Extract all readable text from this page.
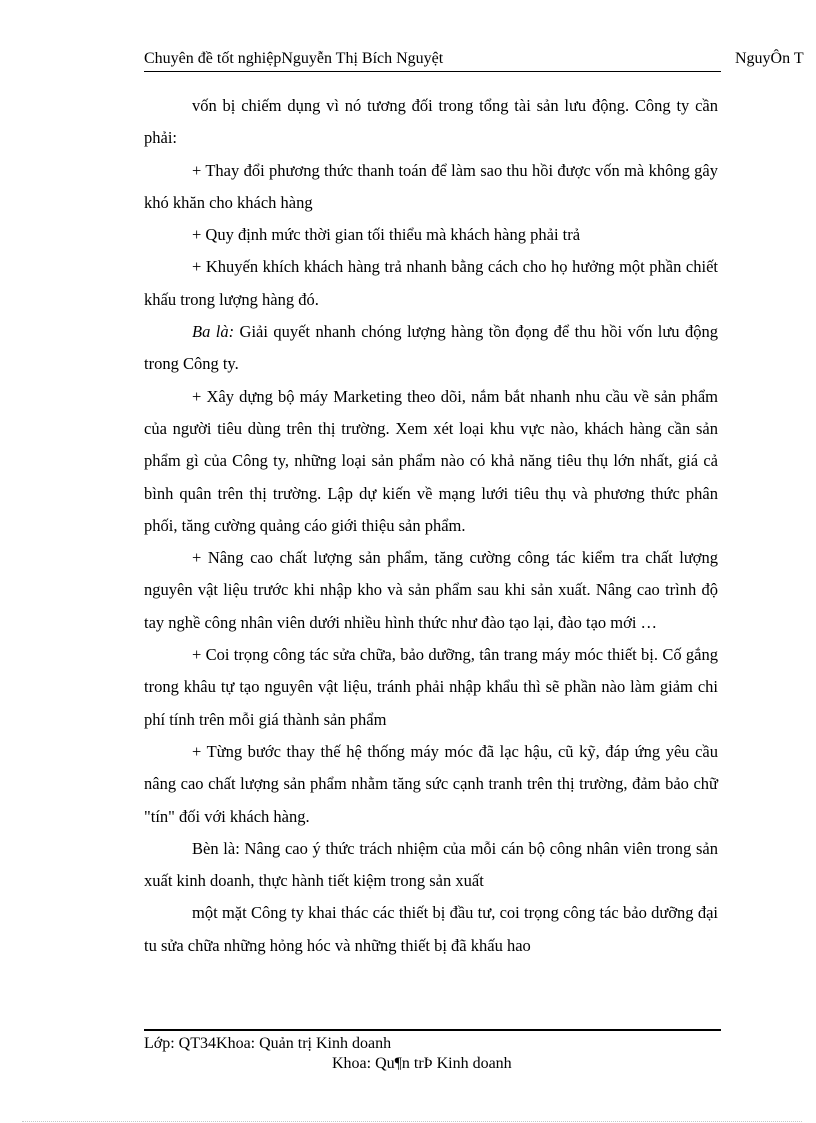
Chuyên đề tốt nghiệpNguyễn Thị Bích Nguyệt	NguyÔn T

vốn bị chiếm dụng vì nó tương đối trong tổng tài sản lưu động. Công ty cần phải:

+ Thay đổi phương thức thanh toán để làm sao thu hồi được vốn mà không gây khó khăn cho khách hàng

+ Quy định mức thời gian tối thiểu mà khách hàng phải trả

+ Khuyến khích khách hàng trả nhanh bằng cách cho họ hưởng một phần chiết khấu trong lượng hàng đó.

Ba là: Giải quyết nhanh chóng lượng hàng tồn đọng để thu hồi vốn lưu động trong Công ty.

+ Xây dựng bộ máy Marketing theo dõi, nắm bắt nhanh nhu cầu về sản phẩm của người tiêu dùng trên thị trường. Xem xét loại khu vực nào, khách hàng cần sản phẩm gì của Công ty, những loại sản phẩm nào có khả năng tiêu thụ lớn nhất, giá cả bình quân trên thị trường. Lập dự kiến về mạng lưới tiêu thụ và phương thức phân phối, tăng cường quảng cáo giới thiệu sản phẩm.

+ Nâng cao chất lượng sản phẩm, tăng cường công tác kiểm tra chất lượng nguyên vật liệu trước khi nhập kho và sản phẩm sau khi sản xuất. Nâng cao trình độ tay nghề công nhân viên dưới nhiều hình thức như đào tạo lại, đào tạo mới …

+ Coi trọng công tác sửa chữa, bảo dưỡng, tân trang máy móc thiết bị. Cố gắng trong khâu tự tạo nguyên vật liệu, tránh phải nhập khẩu thì sẽ phần nào làm giảm chi phí tính trên mỗi giá thành sản phẩm

+ Từng bước thay thế hệ thống máy móc đã lạc hậu, cũ kỹ, đáp ứng yêu cầu nâng cao chất lượng sản phẩm nhằm tăng sức cạnh tranh trên thị trường, đảm bảo chữ "tín" đối với khách hàng.

Bèn là: Nâng cao ý thức trách nhiệm của mỗi cán bộ công nhân viên trong sản xuất kinh doanh, thực hành tiết kiệm trong sản xuất

một mặt Công ty khai thác các thiết bị đầu tư, coi trọng công tác bảo dưỡng đại tu sửa chữa những hỏng hóc và những thiết bị đã khấu hao

Lớp: QT34Khoa: Quản trị Kinh doanh
Khoa: Qu¶n trÞ Kinh doanh
